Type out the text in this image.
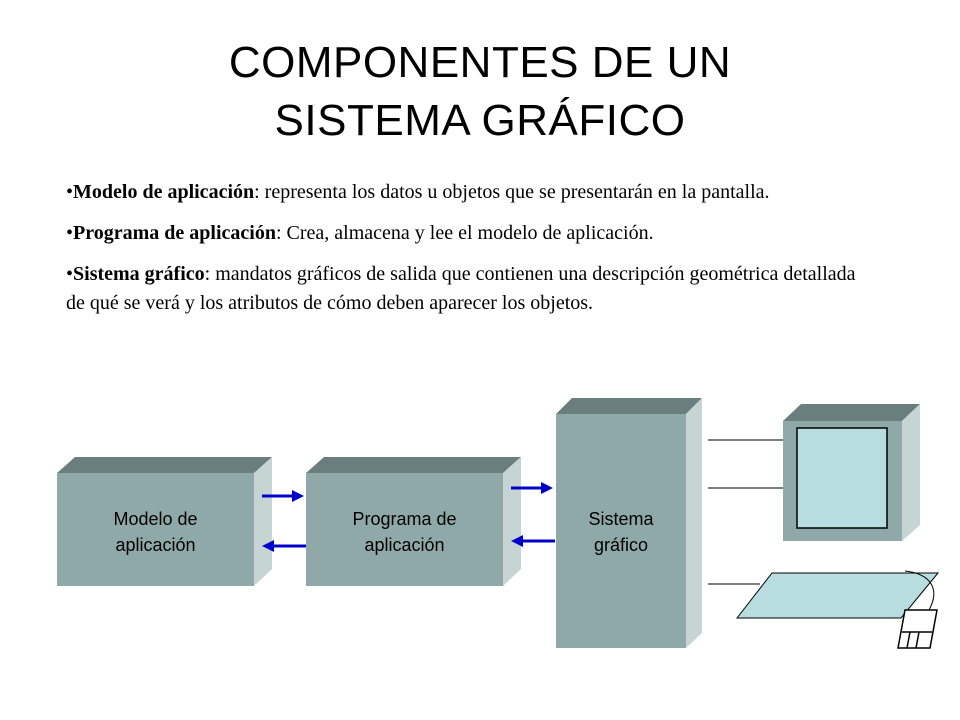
COMPONENTES DE UN
SISTEMA GRÁFICO

•Modelo de aplicación: representa los datos u objetos que se presentarán en la pantalla.

•Programa de aplicación: Crea, almacena y lee el modelo de aplicación.

•Sistema gráfico: mandatos gráficos de salida que contienen una descripción geométrica detallada de qué se verá y los atributos de cómo deben aparecer los objetos.

Modelo de
aplicación
Programa de
aplicación
Sistema
gráfico
